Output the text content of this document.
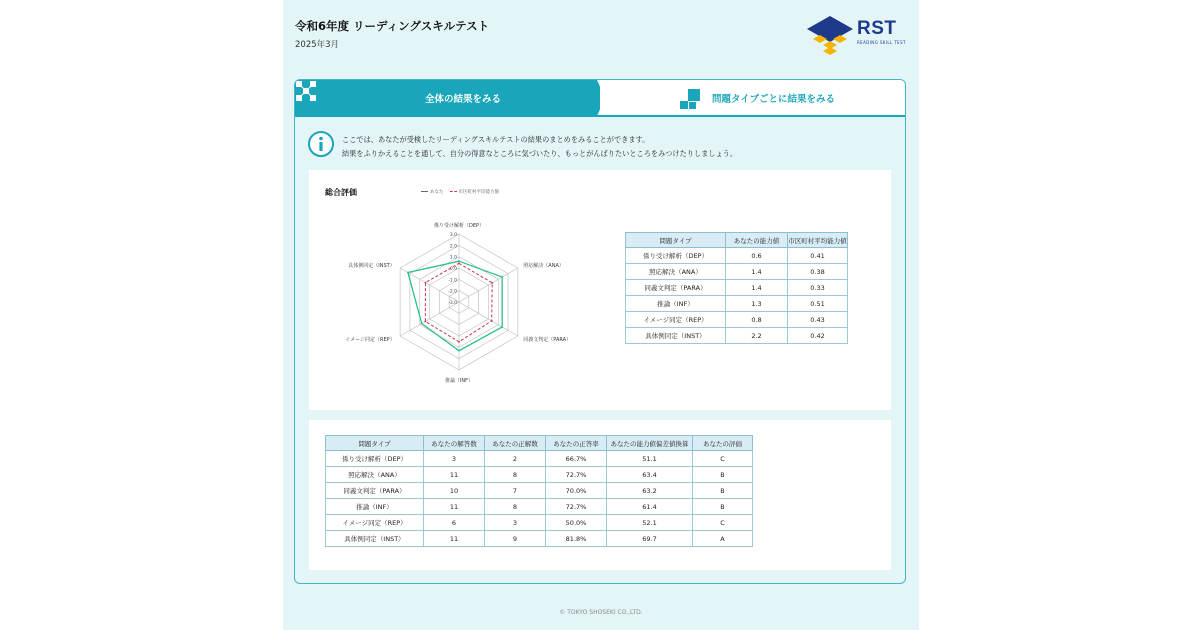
令和6年度 リーディングスキルテスト
2025年3月
RST
READING SKILL TEST
全体の結果をみる	問題タイプごとに結果をみる
ここでは、あなたが受検したリーディングスキルテストの結果のまとめをみることができます。
結果をふりかえることを通して、自分の得意なところに気づいたり、もっとがんばりたいところをみつけたりしましょう。
総合評価	あなた	市区町村平均能力値
3.0
2.0
1.0
0.0
-1.0
-2.0
-3.0
係り受け解析（DEP）
照応解決（ANA）
同義文判定（PARA）
推論（INF）
イメージ同定（REP）
具体例同定（INST）
問題タイプ	あなたの能力値	市区町村平均能力値
係り受け解析（DEP）	0.6	0.41
照応解決（ANA）	1.4	0.38
同義文判定（PARA）	1.4	0.33
推論（INF）	1.3	0.51
イメージ同定（REP）	0.8	0.43
具体例同定（INST）	2.2	0.42
問題タイプ	あなたの解答数	あなたの正解数	あなたの正答率	あなたの能力値偏差値換算	あなたの評価
係り受け解析（DEP）	3	2	66.7%	51.1	C
照応解決（ANA）	11	8	72.7%	63.4	B
同義文判定（PARA）	10	7	70.0%	63.2	B
推論（INF）	11	8	72.7%	61.4	B
イメージ同定（REP）	6	3	50.0%	52.1	C
具体例同定（INST）	11	9	81.8%	69.7	A
© TOKYO SHOSEKI CO.,LTD.
